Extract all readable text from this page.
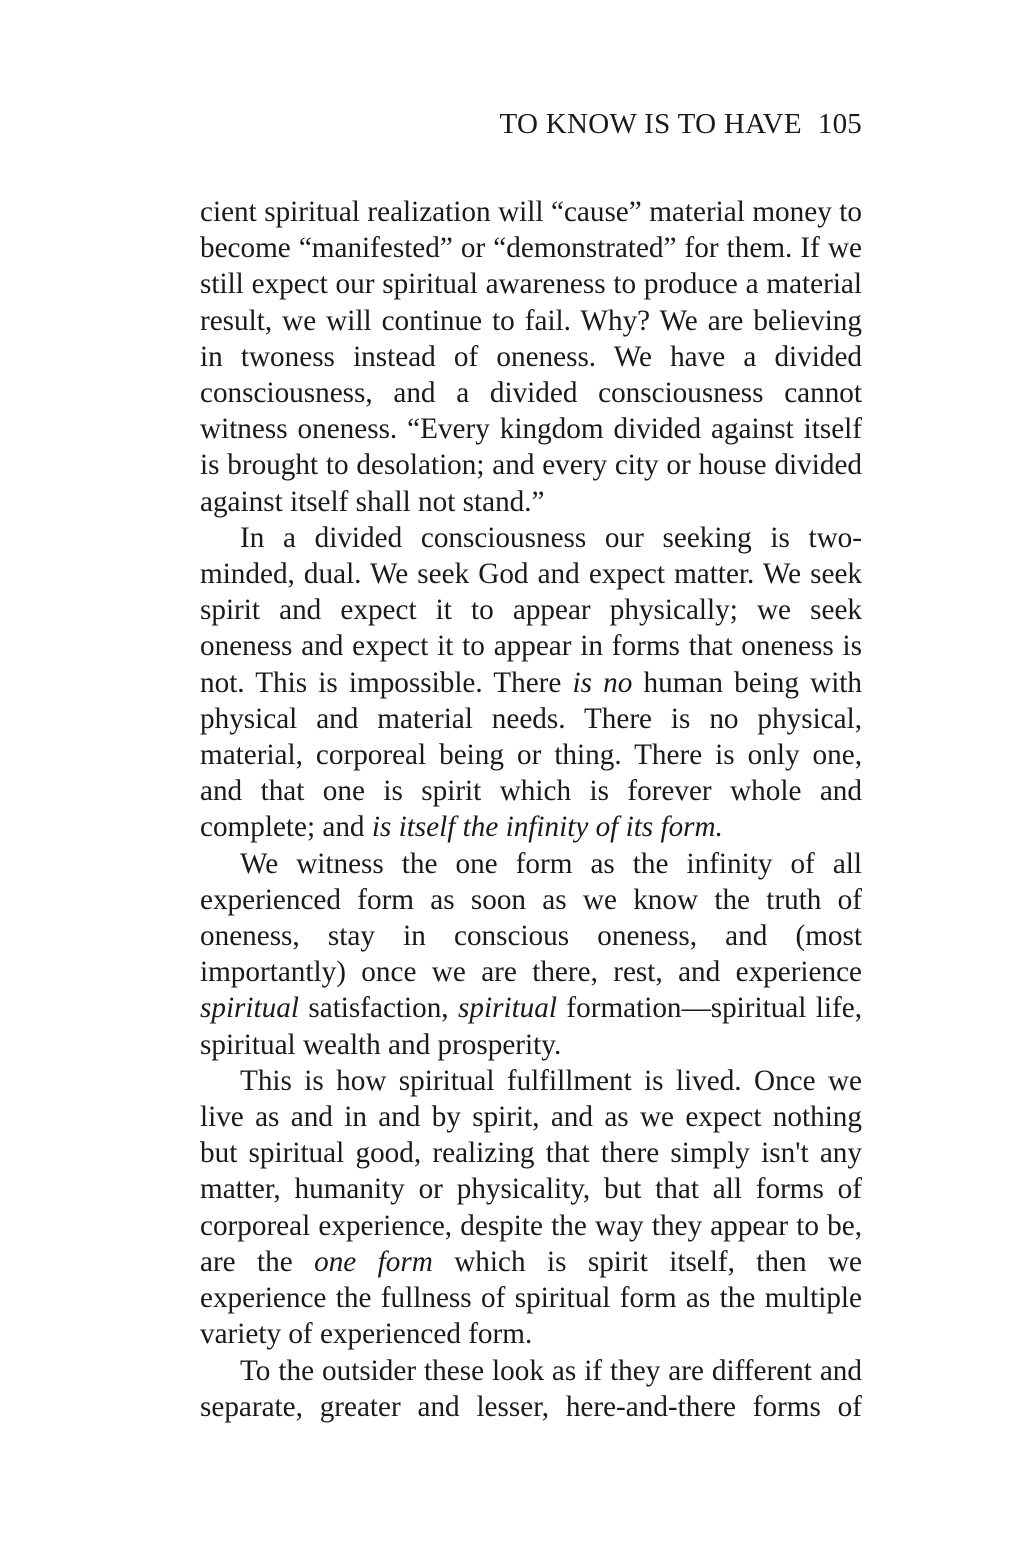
TO KNOW IS TO HAVE 105

cient spiritual realization will “cause” material money to become “manifested” or “demonstrated” for them. If we still expect our spiritual awareness to produce a material result, we will continue to fail. Why? We are believing in twoness instead of oneness. We have a divided consciousness, and a divided consciousness cannot witness oneness. “Every kingdom divided against itself is brought to desolation; and every city or house divided against itself shall not stand.”

In a divided consciousness our seeking is two-minded, dual. We seek God and expect matter. We seek spirit and expect it to appear physically; we seek oneness and expect it to appear in forms that oneness is not. This is impossible. There is no human being with physical and material needs. There is no physical, material, corporeal being or thing. There is only one, and that one is spirit which is forever whole and complete; and is itself the infinity of its form.

We witness the one form as the infinity of all experienced form as soon as we know the truth of oneness, stay in conscious oneness, and (most importantly) once we are there, rest, and experience spiritual satisfaction, spiritual formation—spiritual life, spiritual wealth and prosperity.

This is how spiritual fulfillment is lived. Once we live as and in and by spirit, and as we expect nothing but spiritual good, realizing that there simply isn't any matter, humanity or physicality, but that all forms of corporeal experience, despite the way they appear to be, are the one form which is spirit itself, then we experience the fullness of spiritual form as the multiple variety of experienced form.

To the outsider these look as if they are different and separate, greater and lesser, here-and-there forms of
